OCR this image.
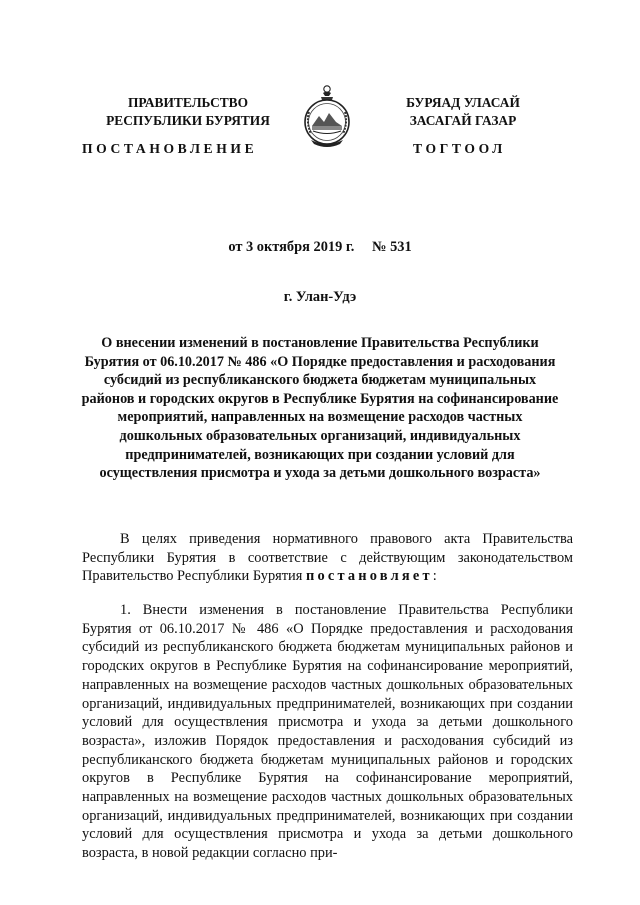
ПРАВИТЕЛЬСТВО
РЕСПУБЛИКИ БУРЯТИЯ
БУРЯАД УЛАСАЙ
ЗАСАГАЙ ГАЗАР
ПОСТАНОВЛЕНИЕ	ТОГТООЛ
от 3 октября 2019 г. № 531
г. Улан-Удэ

О внесении изменений в постановление Правительства Республики Бурятия от 06.10.2017 № 486 «О Порядке предоставления и расходования субсидий из республиканского бюджета бюджетам муниципальных районов и городских округов в Республике Бурятия на софинансирование мероприятий, направленных на возмещение расходов частных дошкольных образовательных организаций, индивидуальных предпринимателей, возникающих при создании условий для осуществления присмотра и ухода за детьми дошкольного возраста»

В целях приведения нормативного правового акта Правительства Республики Бурятия в соответствие с действующим законодательством Правительство Республики Бурятия постановляет:

1. Внести изменения в постановление Правительства Республики Бурятия от 06.10.2017 № 486 «О Порядке предоставления и расходования субсидий из республиканского бюджета бюджетам муниципальных районов и городских округов в Республике Бурятия на софинансирование мероприятий, направленных на возмещение расходов частных дошкольных образовательных организаций, индивидуальных предпринимателей, возникающих при создании условий для осуществления присмотра и ухода за детьми дошкольного возраста», изложив Порядок предоставления и расходования субсидий из республиканского бюджета бюджетам муниципальных районов и городских округов в Республике Бурятия на софинансирование мероприятий, направленных на возмещение расходов частных дошкольных образовательных организаций, индивидуальных предпринимателей, возникающих при создании условий для осуществления присмотра и ухода за детьми дошкольного возраста, в новой редакции согласно при-
